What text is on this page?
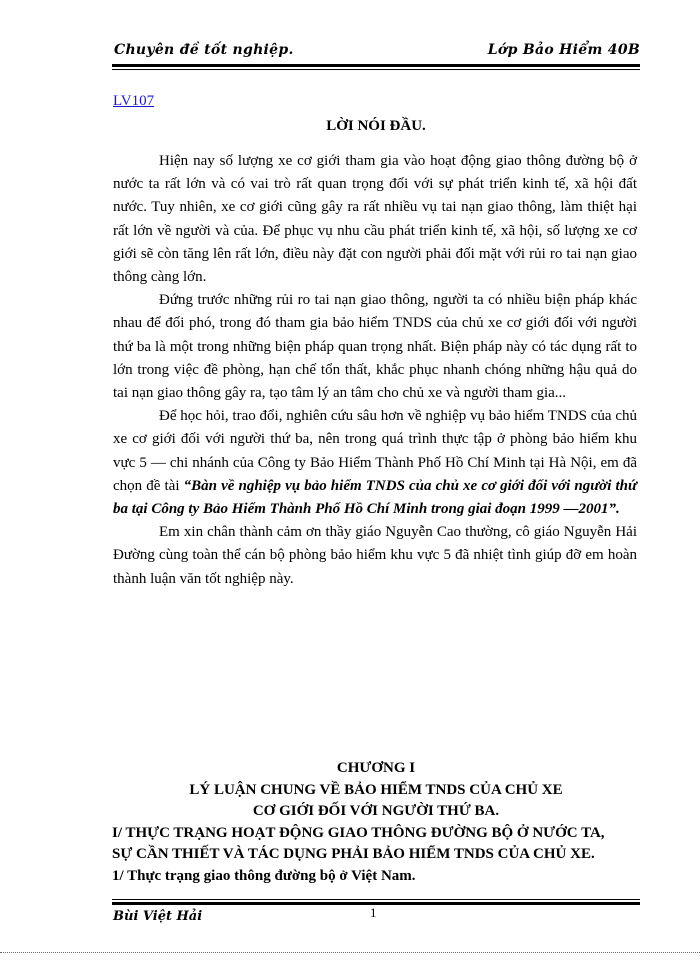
Chuyên đề tốt nghiệp.	Lớp Bảo Hiểm 40B
LV107
LỜI NÓI ĐẦU.

Hiện nay số lượng xe cơ giới tham gia vào hoạt động giao thông đường bộ ở nước ta rất lớn và có vai trò rất quan trọng đối với sự phát triển kinh tế, xã hội đất nước. Tuy nhiên, xe cơ giới cũng gây ra rất nhiều vụ tai nạn giao thông, làm thiệt hại rất lớn về người và của. Để phục vụ nhu cầu phát triển kinh tế, xã hội, số lượng xe cơ giới sẽ còn tăng lên rất lớn, điều này đặt con người phải đối mặt với rủi ro tai nạn giao thông càng lớn.

Đứng trước những rủi ro tai nạn giao thông, người ta có nhiều biện pháp khác nhau để đối phó, trong đó tham gia bảo hiểm TNDS của chủ xe cơ giới đối với người thứ ba là một trong những biện pháp quan trọng nhất. Biện pháp này có tác dụng rất to lớn trong việc đề phòng, hạn chế tổn thất, khắc phục nhanh chóng những hậu quả do tai nạn giao thông gây ra, tạo tâm lý an tâm cho chủ xe và người tham gia...

Để học hỏi, trao đổi, nghiên cứu sâu hơn về nghiệp vụ bảo hiểm TNDS của chủ xe cơ giới đối với người thứ ba, nên trong quá trình thực tập ở phòng bảo hiểm khu vực 5 — chi nhánh của Công ty Bảo Hiểm Thành Phố Hồ Chí Minh tại Hà Nội, em đã chọn đề tài “Bàn về nghiệp vụ bảo hiểm TNDS của chủ xe cơ giới đối với người thứ ba tại Công ty Bảo Hiểm Thành Phố Hồ Chí Minh trong giai đoạn 1999 —2001”.

Em xin chân thành cảm ơn thầy giáo Nguyễn Cao thường, cô giáo Nguyễn Hải Đường cùng toàn thể cán bộ phòng bảo hiểm khu vực 5 đã nhiệt tình giúp đỡ em hoàn thành luận văn tốt nghiệp này.

CHƯƠNG I
LÝ LUẬN CHUNG VỀ BẢO HIỂM TNDS CỦA CHỦ XE
CƠ GIỚI ĐỐI VỚI NGƯỜI THỨ BA.
I/ THỰC TRẠNG HOẠT ĐỘNG GIAO THÔNG ĐƯỜNG BỘ Ở NƯỚC TA,
SỰ CẦN THIẾT VÀ TÁC DỤNG PHẢI BẢO HIỂM TNDS CỦA CHỦ XE.
1/ Thực trạng giao thông đường bộ ở Việt Nam.
Bùi Việt Hải	1
